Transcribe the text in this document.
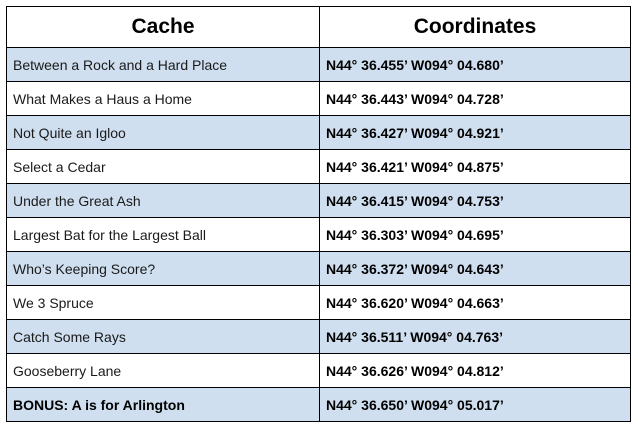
Cache	Coordinates
Between a Rock and a Hard Place	N44° 36.455’ W094° 04.680’
What Makes a Haus a Home	N44° 36.443’ W094° 04.728’
Not Quite an Igloo	N44° 36.427’ W094° 04.921’
Select a Cedar	N44° 36.421’ W094° 04.875’
Under the Great Ash	N44° 36.415’ W094° 04.753’
Largest Bat for the Largest Ball	N44° 36.303’ W094° 04.695’
Who’s Keeping Score?	N44° 36.372’ W094° 04.643’
We 3 Spruce	N44° 36.620’ W094° 04.663’
Catch Some Rays	N44° 36.511’ W094° 04.763’
Gooseberry Lane	N44° 36.626’ W094° 04.812’
BONUS: A is for Arlington	N44° 36.650’ W094° 05.017’
